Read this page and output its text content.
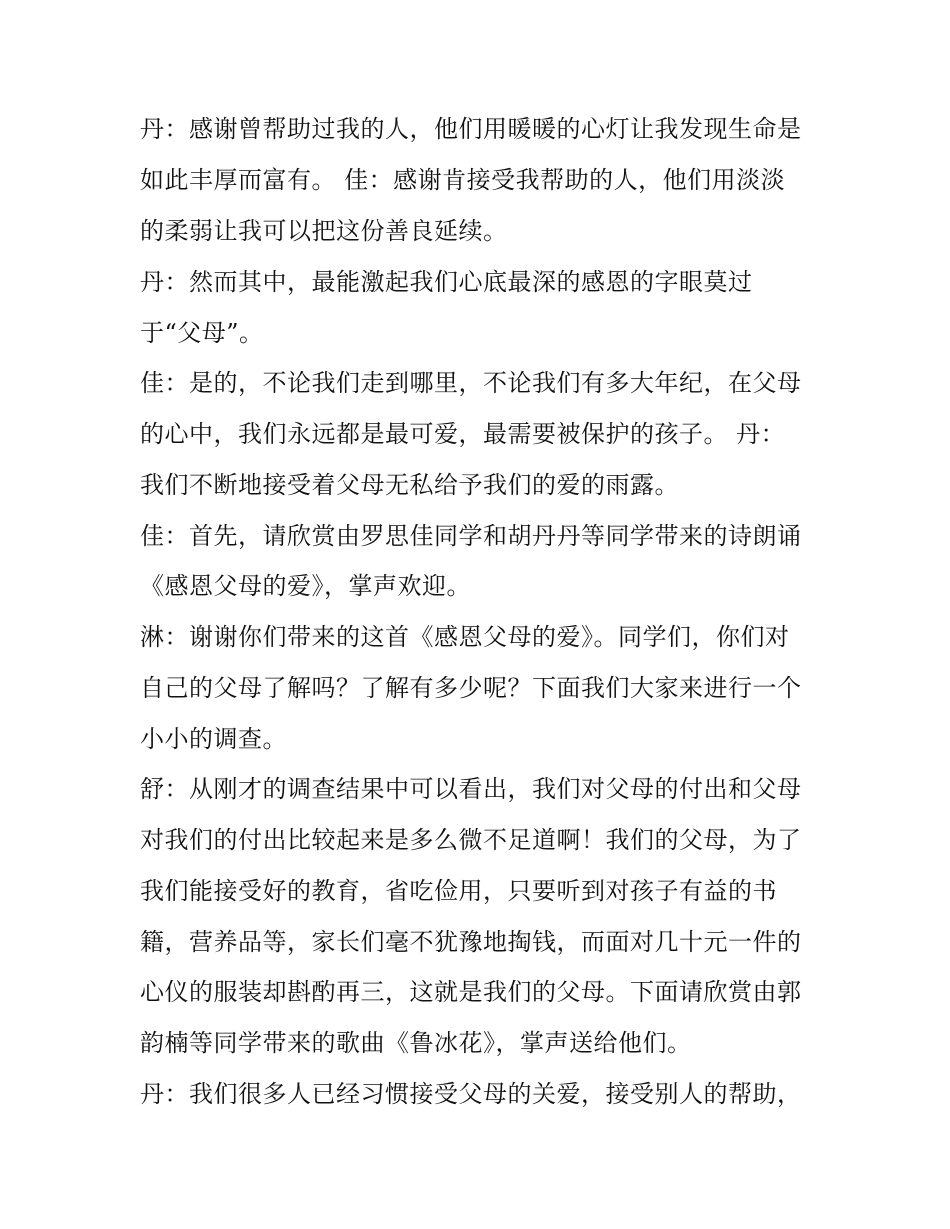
丹：感谢曾帮助过我的人，他们用暖暖的心灯让我发现生命是
如此丰厚而富有。 佳：感谢肯接受我帮助的人，他们用淡淡
的柔弱让我可以把这份善良延续。
丹：然而其中，最能激起我们心底最深的感恩的字眼莫过
于“父母”。
佳：是的，不论我们走到哪里，不论我们有多大年纪，在父母
的心中，我们永远都是最可爱，最需要被保护的孩子。 丹：
我们不断地接受着父母无私给予我们的爱的雨露。
佳：首先，请欣赏由罗思佳同学和胡丹丹等同学带来的诗朗诵
《感恩父母的爱》，掌声欢迎。
淋：谢谢你们带来的这首《感恩父母的爱》。同学们，你们对
自己的父母了解吗？了解有多少呢？下面我们大家来进行一个
小小的调查。
舒：从刚才的调查结果中可以看出，我们对父母的付出和父母
对我们的付出比较起来是多么微不足道啊！我们的父母，为了
我们能接受好的教育，省吃俭用，只要听到对孩子有益的书
籍，营养品等，家长们毫不犹豫地掏钱，而面对几十元一件的
心仪的服装却斟酌再三，这就是我们的父母。下面请欣赏由郭
韵楠等同学带来的歌曲《鲁冰花》，掌声送给他们。
丹：我们很多人已经习惯接受父母的关爱，接受别人的帮助，
